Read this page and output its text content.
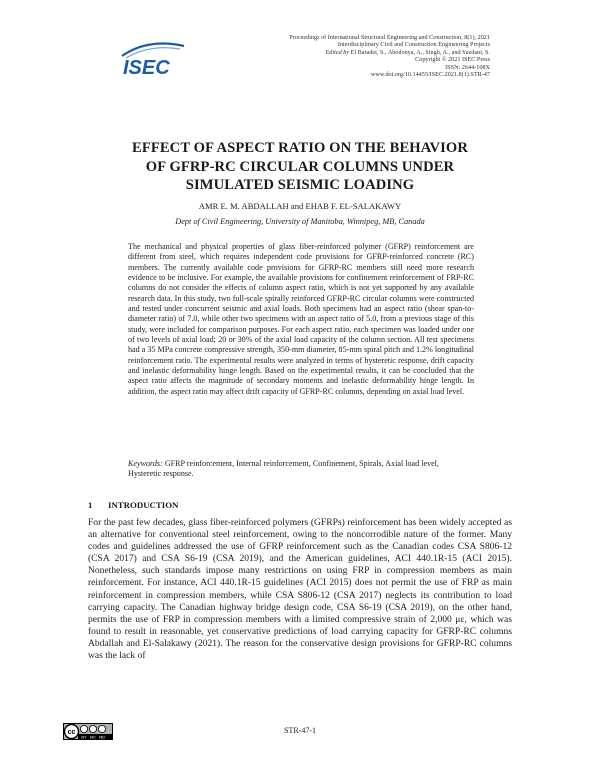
ISEC
Proceedings of International Structural Engineering and Construction, 8(1), 2021
Interdisciplinary Civil and Construction Engineering Projects
Edited by El Baradei, S., Abodonya, A., Singh, A., and Yazdani, S.
Copyright © 2021 ISEC Press
ISSN: 2644-108X
www.doi.org/10.14455/ISEC.2021.8(1).STR-47
EFFECT OF ASPECT RATIO ON THE BEHAVIOR
OF GFRP-RC CIRCULAR COLUMNS UNDER
SIMULATED SEISMIC LOADING
AMR E. M. ABDALLAH and EHAB F. EL-SALAKAWY
Dept of Civil Engineering, University of Manitoba, Winnipeg, MB, Canada
The mechanical and physical properties of glass fiber-reinforced polymer (GFRP) reinforcement are different from steel, which requires independent code provisions for GFRP-reinforced concrete (RC) members. The currently available code provisions for GFRP-RC members still need more research evidence to be inclusive. For example, the available provisions for confinement reinforcement of FRP-RC columns do not consider the effects of column aspect ratio, which is not yet supported by any available research data. In this study, two full-scale spirally reinforced GFRP-RC circular columns were constructed and tested under concurrent seismic and axial loads. Both specimens had an aspect ratio (shear span-to-diameter ratio) of 7.0, while other two specimens with an aspect ratio of 5.0, from a previous stage of this study, were included for comparison purposes. For each aspect ratio, each specimen was loaded under one of two levels of axial load; 20 or 30% of the axial load capacity of the column section. All test specimens had a 35 MPa concrete compressive strength, 350-mm diameter, 85-mm spiral pitch and 1.2% longitudinal reinforcement ratio. The experimental results were analyzed in terms of hysteretic response, drift capacity and inelastic deformability hinge length. Based on the experimental results, it can be concluded that the aspect ratio affects the magnitude of secondary moments and inelastic deformability hinge length. In addition, the aspect ratio may affect drift capacity of GFRP-RC columns, depending on axial load level.
Keywords: GFRP reinforcement, Internal reinforcement, Confinement, Spirals, Axial load level, Hysteretic response.
1 INTRODUCTION
For the past few decades, glass fiber-reinforced polymers (GFRPs) reinforcement has been widely accepted as an alternative for conventional steel reinforcement, owing to the noncorrodible nature of the former. Many codes and guidelines addressed the use of GFRP reinforcement such as the Canadian codes CSA S806-12 (CSA 2017) and CSA S6-19 (CSA 2019), and the American guidelines, ACI 440.1R-15 (ACI 2015). Nonetheless, such standards impose many restrictions on using FRP in compression members as main reinforcement. For instance, ACI 440.1R-15 guidelines (ACI 2015) does not permit the use of FRP as main reinforcement in compression members, while CSA S806-12 (CSA 2017) neglects its contribution to load carrying capacity. The Canadian highway bridge design code, CSA S6-19 (CSA 2019), on the other hand, permits the use of FRP in compression members with a limited compressive strain of 2,000 με, which was found to result in reasonable, yet conservative predictions of load carrying capacity for GFRP-RC columns Abdallah and El-Salakawy (2021). The reason for the conservative design provisions for GFRP-RC columns was the lack of
cc
BY NC ND
STR-47-1
